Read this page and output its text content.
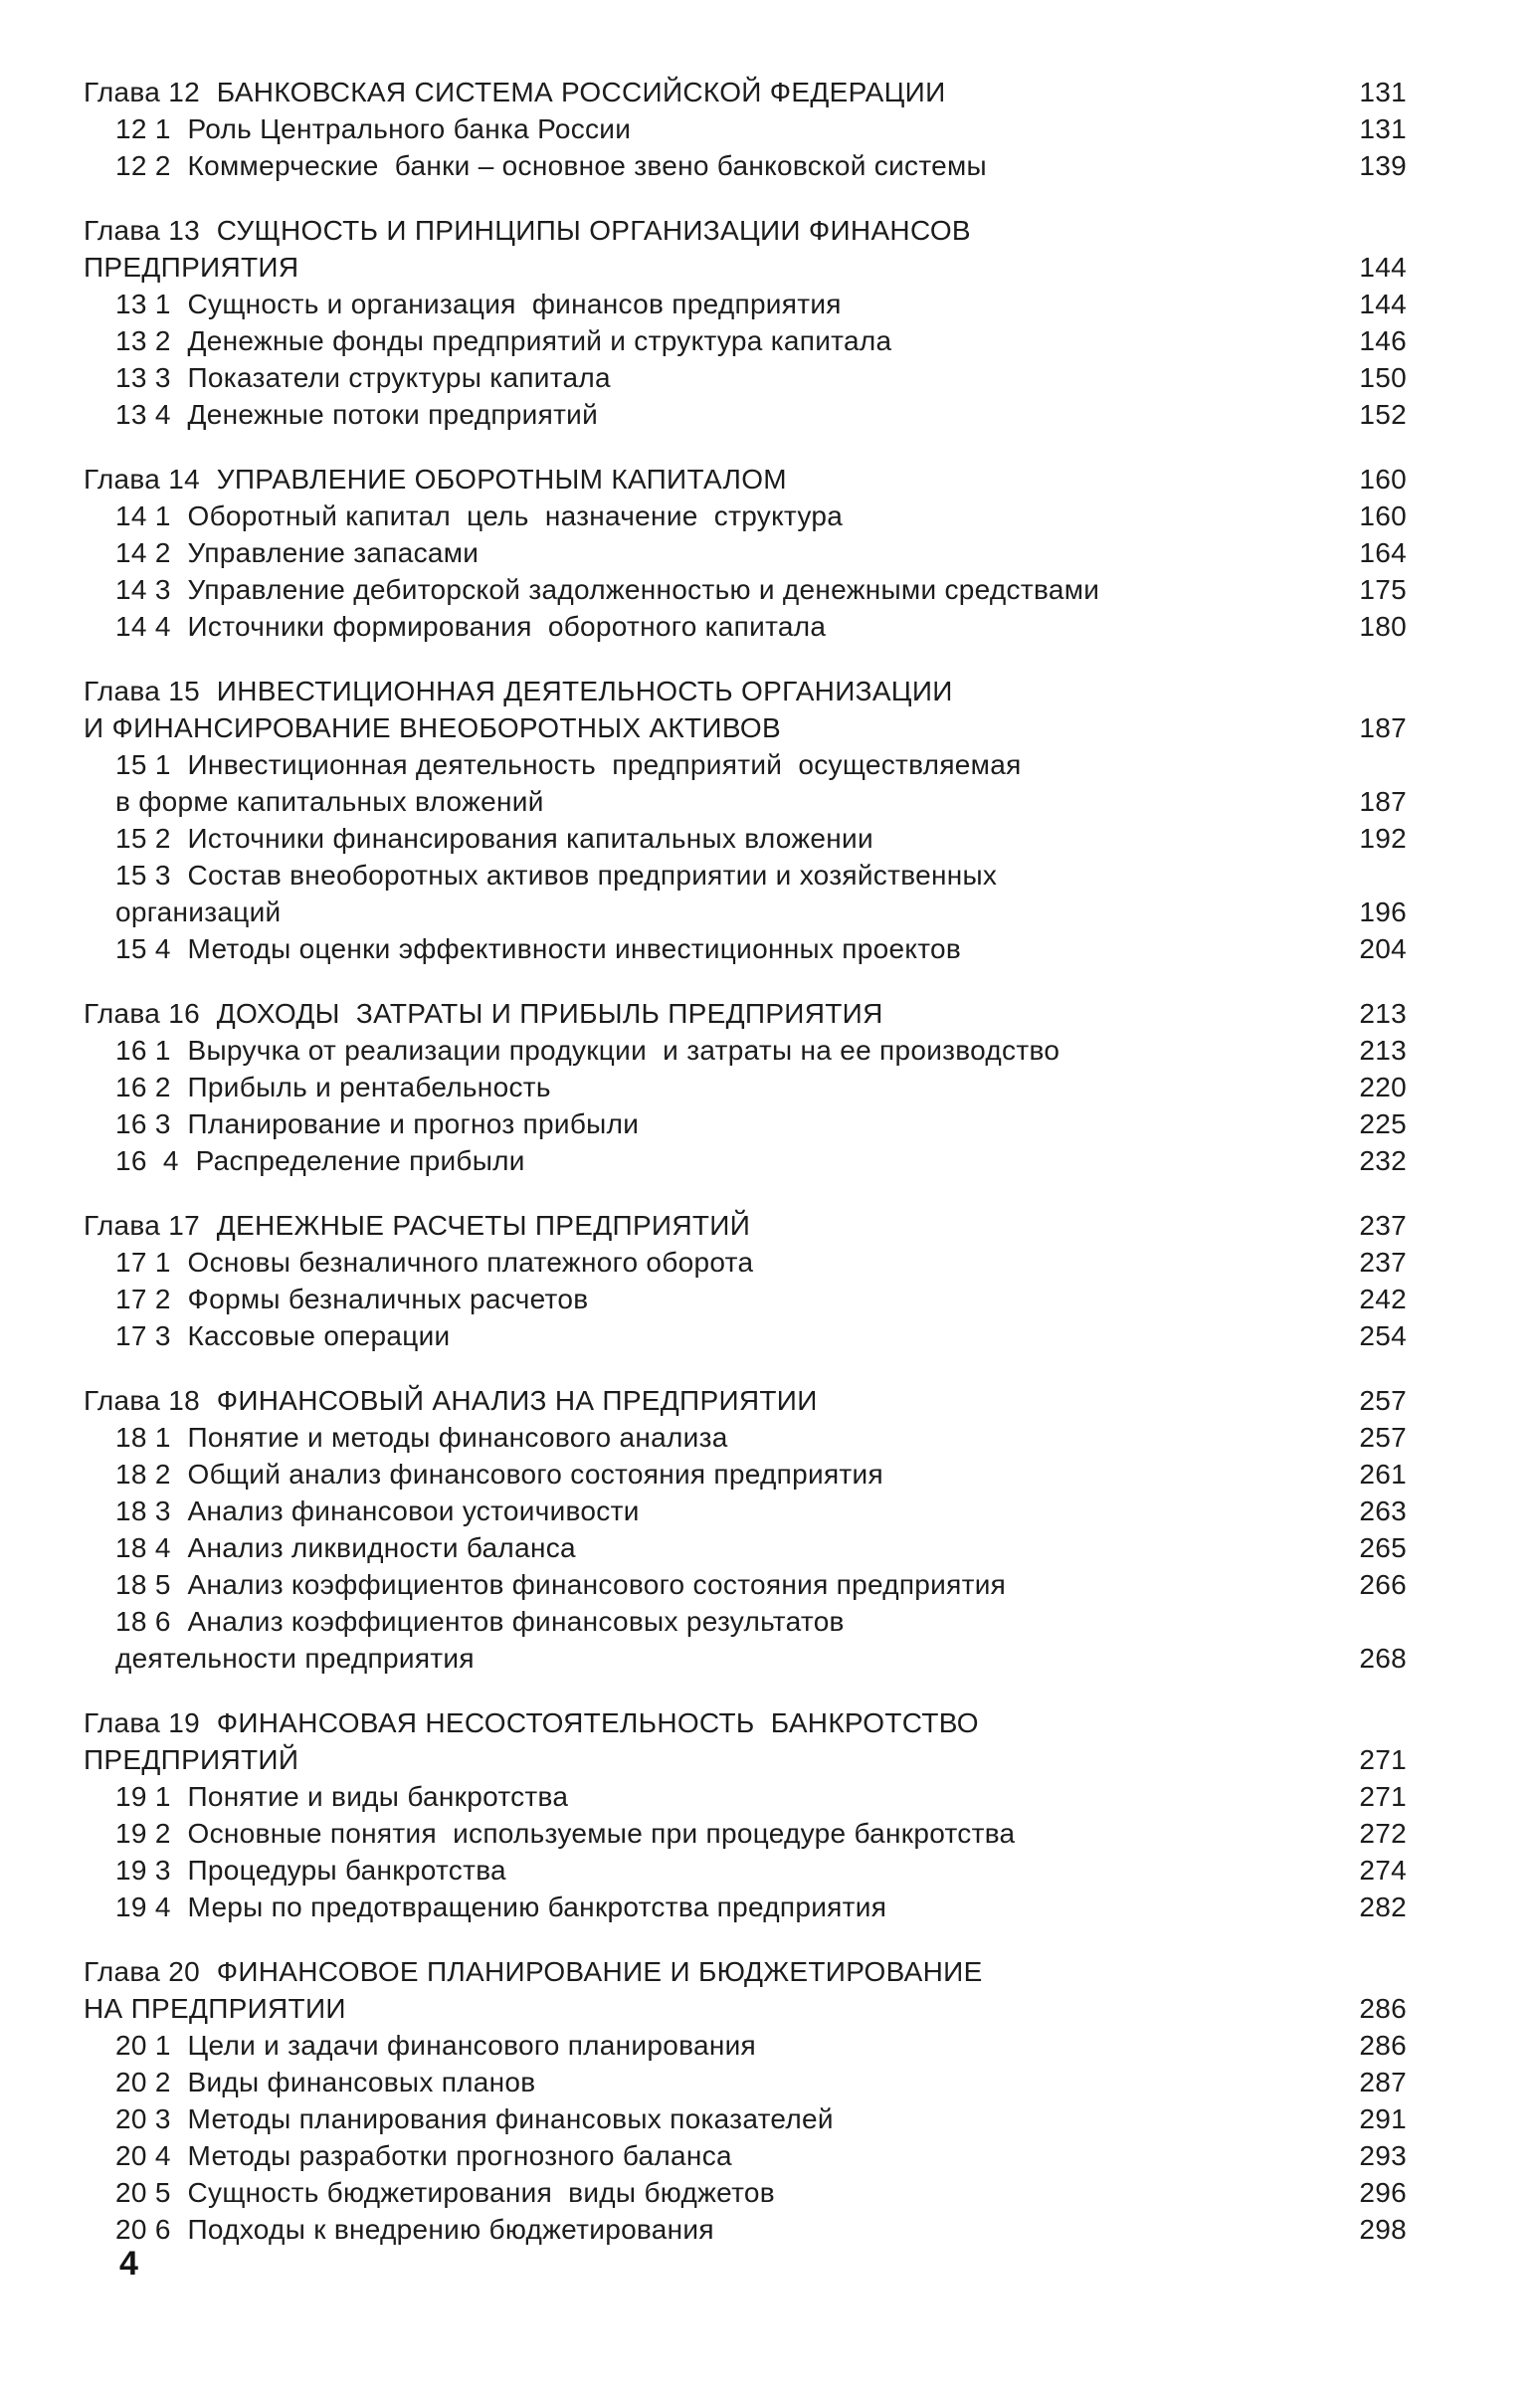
Глава 12 БАНКОВСКАЯ СИСТЕМА РОССИЙСКОЙ ФЕДЕРАЦИИ	131
12 1 Роль Центрального банка России	131
12 2 Коммерческие  банки – основное звено банковской системы	139
Глава 13 СУЩНОСТЬ И ПРИНЦИПЫ ОРГАНИЗАЦИИ ФИНАНСОВ
ПРЕДПРИЯТИЯ	144
13 1 Сущность и организация  финансов предприятия	144
13 2 Денежные фонды предприятий и структура капитала	146
13 3 Показатели структуры капитала	150
13 4 Денежные потоки предприятий	152
Глава 14 УПРАВЛЕНИЕ ОБОРОТНЫМ КАПИТАЛОМ	160
14 1 Оборотный капитал  цель  назначение  структура	160
14 2 Управление запасами	164
14 3 Управление дебиторской задолженностью и денежными средствами	175
14 4 Источники формирования  оборотного капитала	180
Глава 15 ИНВЕСТИЦИОННАЯ ДЕЯТЕЛЬНОСТЬ ОРГАНИЗАЦИИ
И ФИНАНСИРОВАНИЕ ВНЕОБОРОТНЫХ АКТИВОВ	187
15 1 Инвестиционная деятельность  предприятий  осуществляемая
в форме капитальных вложений	187
15 2 Источники финансирования капитальных вложении	192
15 3 Состав внеоборотных активов предприятии и хозяйственных
организаций	196
15 4 Методы оценки эффективности инвестиционных проектов	204
Глава 16 ДОХОДЫ  ЗАТРАТЫ И ПРИБЫЛЬ ПРЕДПРИЯТИЯ	213
16 1 Выручка от реализации продукции  и затраты на ее производство	213
16 2 Прибыль и рентабельность	220
16 3 Планирование и прогноз прибыли	225
16  4 Распределение прибыли	232
Глава 17 ДЕНЕЖНЫЕ РАСЧЕТЫ ПРЕДПРИЯТИЙ	237
17 1 Основы безналичного платежного оборота	237
17 2 Формы безналичных расчетов	242
17 3 Кассовые операции	254
Глава 18 ФИНАНСОВЫЙ АНАЛИЗ НА ПРЕДПРИЯТИИ	257
18 1 Понятие и методы финансового анализа	257
18 2 Общий анализ финансового состояния предприятия	261
18 3 Анализ финансовои устоичивости	263
18 4 Анализ ликвидности баланса	265
18 5 Анализ коэффициентов финансового состояния предприятия	266
18 6 Анализ коэффициентов финансовых результатов
деятельности предприятия	268
Глава 19 ФИНАНСОВАЯ НЕСОСТОЯТЕЛЬНОСТЬ  БАНКРОТСТВО
ПРЕДПРИЯТИЙ	271
19 1 Понятие и виды банкротства	271
19 2 Основные понятия  используемые при процедуре банкротства	272
19 3 Процедуры банкротства	274
19 4 Меры по предотвращению банкротства предприятия	282
Глава 20 ФИНАНСОВОЕ ПЛАНИРОВАНИЕ И БЮДЖЕТИРОВАНИЕ
НА ПРЕДПРИЯТИИ	286
20 1 Цели и задачи финансового планирования	286
20 2 Виды финансовых планов	287
20 3 Методы планирования финансовых показателей	291
20 4 Методы разработки прогнозного баланса	293
20 5 Сущность бюджетирования  виды бюджетов	296
20 6 Подходы к внедрению бюджетирования	298
4
